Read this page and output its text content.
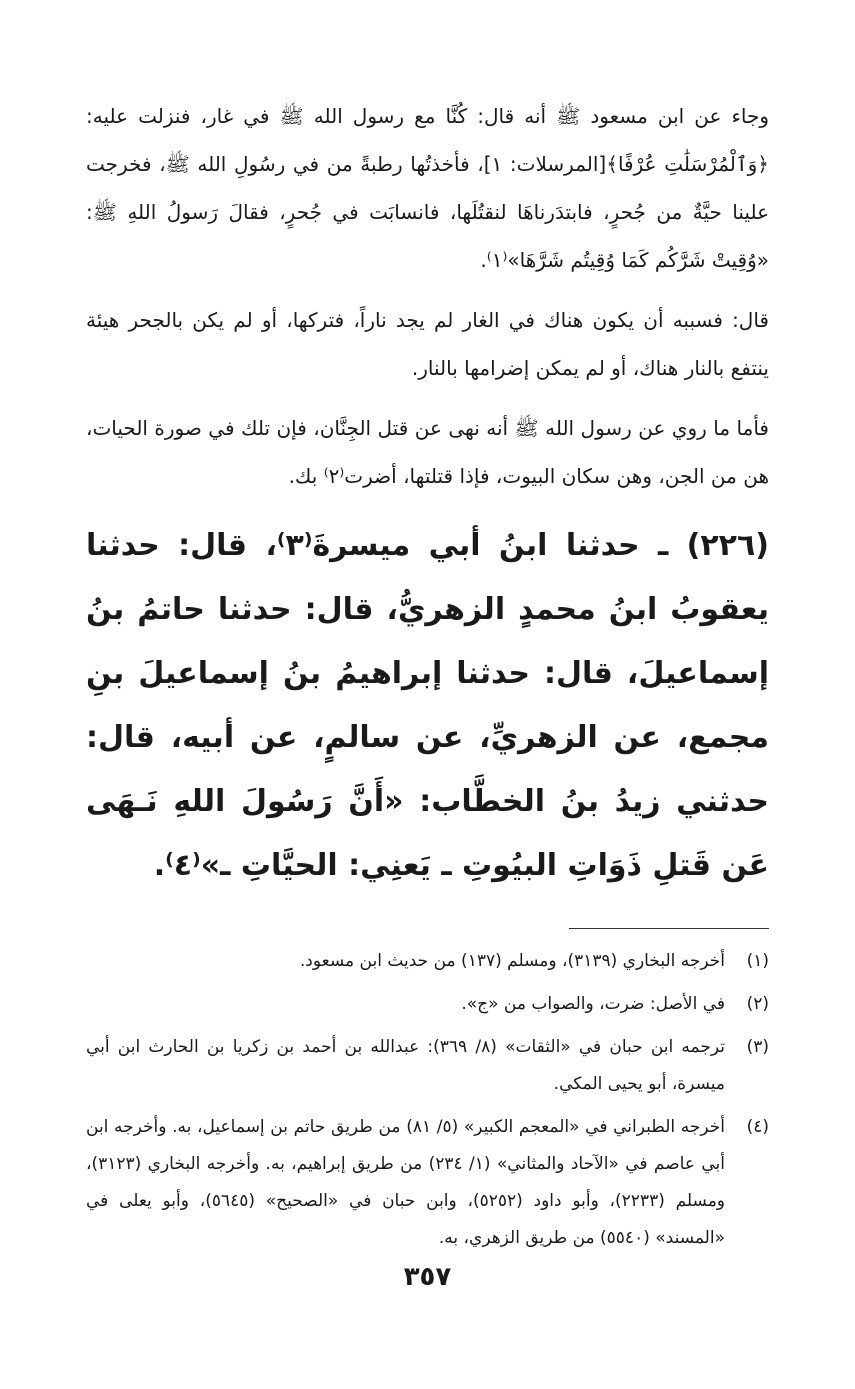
وجاء عن ابن مسعود ﷺ أنه قال: كُنَّا مع رسول الله ﷺ في غار، فنزلت عليه: ﴿وَٱلْمُرْسَلَٰتِ عُرْفًا﴾[المرسلات: ١]، فأخذتُها رطبةً من في رسُولِ الله ﷺ، فخرجت علينا حيَّةٌ من جُحرٍ، فابتدَرناهَا لنقتُلَها، فانسابَت في جُحرٍ، فقالَ رَسولُ اللهِ ﷺ: «وُقِيتْ شَرَّكُم كَمَا وُقِيتُم شَرَّهَا»⁽١⁾.

قال: فسببه أن يكون هناك في الغار لم يجد ناراً، فتركها، أو لم يكن بالجحر هيئة ينتفع بالنار هناك، أو لم يمكن إضرامها بالنار.

فأما ما روي عن رسول الله ﷺ أنه نهى عن قتل الجِنَّان، فإن تلك في صورة الحيات، هن من الجن، وهن سكان البيوت، فإذا قتلتها، أضرت⁽٢⁾ بك.

(٢٢٦) ـ حدثنا ابنُ أبي ميسرةَ⁽٣⁾، قال: حدثنا يعقوبُ ابنُ محمدٍ الزهريُّ، قال: حدثنا حاتمُ بنُ إسماعيلَ، قال: حدثنا إبراهيمُ بنُ إسماعيلَ بنِ مجمع، عن الزهريِّ، عن سالمٍ، عن أبيه، قال: حدثني زيدُ بنُ الخطَّاب: «أَنَّ رَسُولَ اللهِ نَـهَى عَن قَتلِ ذَوَاتِ البيُوتِ ـ يَعنِي: الحيَّاتِ ـ»⁽٤⁾.

(١)
أخرجه البخاري (٣١٣٩)، ومسلم (١٣٧) من حديث ابن مسعود.
(٢)
في الأصل: ضرت، والصواب من «ج».
(٣)
ترجمه ابن حبان في «الثقات» (٨/ ٣٦٩): عبدالله بن أحمد بن زكريا بن الحارث ابن أبي ميسرة، أبو يحيى المكي.
(٤)
أخرجه الطبراني في «المعجم الكبير» (٥/ ٨١) من طريق حاتم بن إسماعيل، به. وأخرجه ابن أبي عاصم في «الآحاد والمثاني» (١/ ٢٣٤) من طريق إبراهيم، به. وأخرجه البخاري (٣١٢٣)، ومسلم (٢٢٣٣)، وأبو داود (٥٢٥٢)، وابن حبان في «الصحيح» (٥٦٤٥)، وأبو يعلى في «المسند» (٥٥٤٠) من طريق الزهري، به.
٣٥٧
